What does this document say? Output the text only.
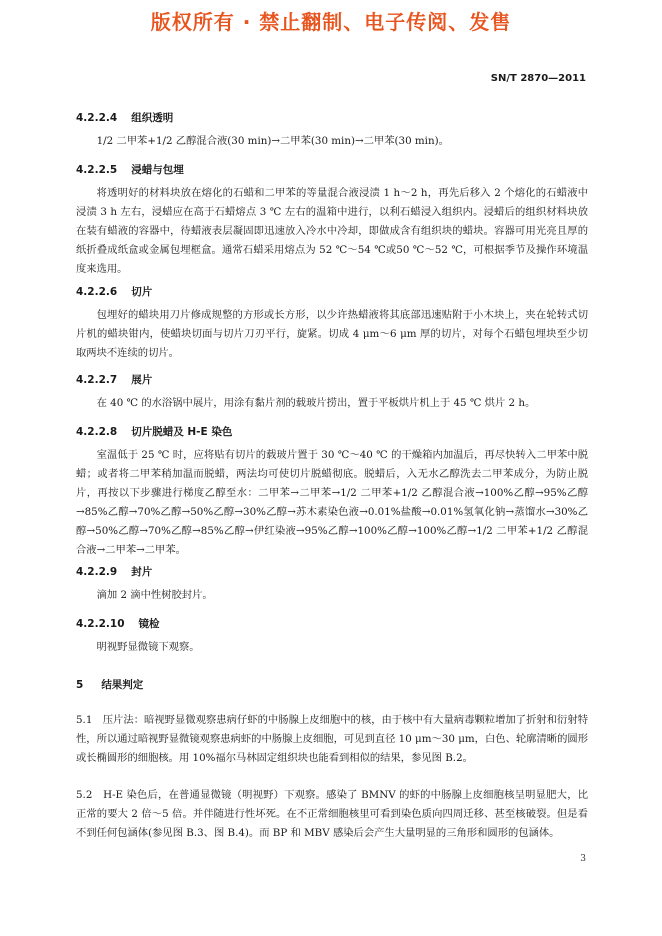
版权所有 · 禁止翻制、电子传阅、发售
SN/T 2870—2011
4.2.2.4 组织透明

1/2 二甲苯+1/2 乙醇混合液(30 min)→二甲苯(30 min)→二甲苯(30 min)。

4.2.2.5 浸蜡与包埋

将透明好的材料块放在熔化的石蜡和二甲苯的等量混合液浸渍 1 h～2 h，再先后移入 2 个熔化的石蜡液中浸渍 3 h 左右，浸蜡应在高于石蜡熔点 3 ℃ 左右的温箱中进行，以利石蜡浸入组织内。浸蜡后的组织材料块放在装有蜡液的容器中，待蜡液表层凝固即迅速放入冷水中冷却，即做成含有组织块的蜡块。容器可用光亮且厚的纸折叠成纸盒或金属包埋框盒。通常石蜡采用熔点为 52 ℃～54 ℃或50 ℃～52 ℃，可根据季节及操作环境温度来选用。

4.2.2.6 切片

包埋好的蜡块用刀片修成规整的方形或长方形，以少许热蜡液将其底部迅速贴附于小木块上，夹在轮转式切片机的蜡块钳内，使蜡块切面与切片刀刃平行，旋紧。切成 4 μm～6 μm 厚的切片，对每个石蜡包埋块至少切取两块不连续的切片。

4.2.2.7 展片

在 40 ℃ 的水浴锅中展片，用涂有黏片剂的载玻片捞出，置于平板烘片机上于 45 ℃ 烘片 2 h。

4.2.2.8 切片脱蜡及 H-E 染色

室温低于 25 ℃ 时，应将贴有切片的载玻片置于 30 ℃～40 ℃ 的干燥箱内加温后，再尽快转入二甲苯中脱蜡；或者将二甲苯稍加温而脱蜡，两法均可使切片脱蜡彻底。脱蜡后，入无水乙醇洗去二甲苯成分，为防止脱片，再按以下步骤进行梯度乙醇至水：二甲苯→二甲苯→1/2 二甲苯+1/2 乙醇混合液→100%乙醇→95%乙醇→85%乙醇→70%乙醇→50%乙醇→30%乙醇→苏木素染色液→0.01%盐酸→0.01%氢氧化钠→蒸馏水→30%乙醇→50%乙醇→70%乙醇→85%乙醇→伊红染液→95%乙醇→100%乙醇→100%乙醇→1/2 二甲苯+1/2 乙醇混合液→二甲苯→二甲苯。

4.2.2.9 封片

滴加 2 滴中性树胶封片。

4.2.2.10 镜检

明视野显微镜下观察。

5 结果判定

5.1　压片法：暗视野显微观察患病仔虾的中肠腺上皮细胞中的核，由于核中有大量病毒颗粒增加了折射和衍射特性，所以通过暗视野显微镜观察患病虾的中肠腺上皮细胞，可见到直径 10 μm～30 μm，白色、轮廓清晰的圆形或长椭圆形的细胞核。用 10%福尔马林固定组织块也能看到相似的结果，参见图 B.2。

5.2　H-E 染色后，在普通显微镜（明视野）下观察。感染了 BMNV 的虾的中肠腺上皮细胞核呈明显肥大，比正常的要大 2 倍～5 倍。并伴随进行性坏死。在不正常细胞核里可看到染色质向四周迁移、甚至核破裂。但是看不到任何包涵体(参见图 B.3、图 B.4)。而 BP 和 MBV 感染后会产生大量明显的三角形和圆形的包涵体。

3
